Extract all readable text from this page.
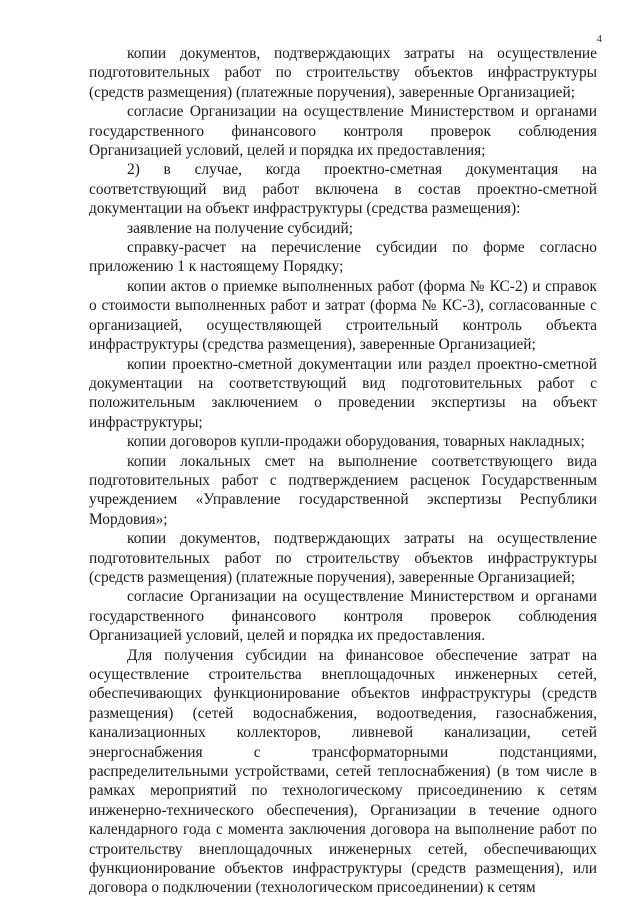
4

копии документов, подтверждающих затраты на осуществление подготовительных работ по строительству объектов инфраструктуры (средств размещения) (платежные поручения), заверенные Организацией;

согласие Организации на осуществление Министерством и органами государственного финансового контроля проверок соблюдения Организацией условий, целей и порядка их предоставления;

2) в случае, когда проектно-сметная документация на соответствующий вид работ включена в состав проектно-сметной документации на объект инфраструктуры (средства размещения):

заявление на получение субсидий;

справку-расчет на перечисление субсидии по форме согласно приложению 1 к настоящему Порядку;

копии актов о приемке выполненных работ (форма № КС-2) и справок о стоимости выполненных работ и затрат (форма № КС-3), согласованные с организацией, осуществляющей строительный контроль объекта инфраструктуры (средства размещения), заверенные Организацией;

копии проектно-сметной документации или раздел проектно-сметной документации на соответствующий вид подготовительных работ с положительным заключением о проведении экспертизы на объект инфраструктуры;

копии договоров купли-продажи оборудования, товарных накладных;

копии локальных смет на выполнение соответствующего вида подготовительных работ с подтверждением расценок Государственным учреждением «Управление государственной экспертизы Республики Мордовия»;

копии документов, подтверждающих затраты на осуществление подготовительных работ по строительству объектов инфраструктуры (средств размещения) (платежные поручения), заверенные Организацией;

согласие Организации на осуществление Министерством и органами государственного финансового контроля проверок соблюдения Организацией условий, целей и порядка их предоставления.

Для получения субсидии на финансовое обеспечение затрат на осуществление строительства внеплощадочных инженерных сетей, обеспечивающих функционирование объектов инфраструктуры (средств размещения) (сетей водоснабжения, водоотведения, газоснабжения, канализационных коллекторов, ливневой канализации, сетей энергоснабжения с трансформаторными подстанциями, распределительными устройствами, сетей теплоснабжения) (в том числе в рамках мероприятий по технологическому присоединению к сетям инженерно-технического обеспечения), Организации в течение одного календарного года с момента заключения договора на выполнение работ по строительству внеплощадочных инженерных сетей, обеспечивающих функционирование объектов инфраструктуры (средств размещения), или договора о подключении (технологическом присоединении) к сетям
